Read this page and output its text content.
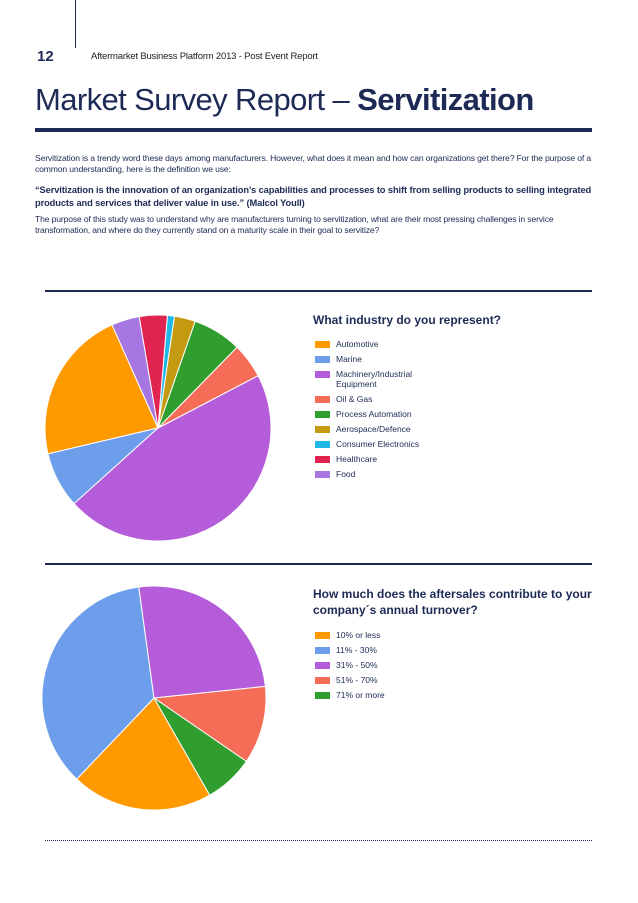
12	Aftermarket Business Platform 2013 - Post Event Report
Market Survey Report – Servitization
Servitization is a trendy word these days among manufacturers. However, what does it mean and how can organizations get there? For the purpose of a common understanding, here is the definition we use:
“Servitization is the innovation of an organization’s capabilities and processes to shift from selling products to selling integrated products and services that deliver value in use.” (Malcol Youll)
The purpose of this study was to understand why are manufacturers turning to servitization, what are their most pressing challenges in service transformation, and where do they currently stand on a maturity scale in their goal to servitize?
What industry do you represent?
Automotive
Marine
Machinery/Industrial Equipment
Oil & Gas
Process Automation
Aerospace/Defence
Consumer Electronics
Healthcare
Food
How much does the aftersales contribute to your company´s annual turnover?
10% or less
11% - 30%
31% - 50%
51% - 70%
71% or more
